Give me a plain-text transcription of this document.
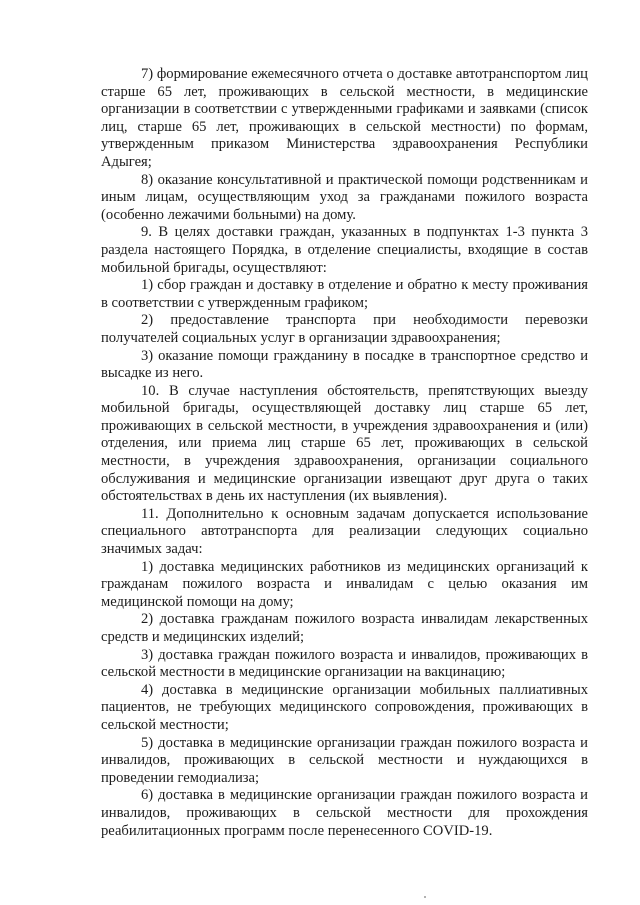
7) формирование ежемесячного отчета о доставке автотранспортом лиц старше 65 лет, проживающих в сельской местности, в медицинские организации в соответствии с утвержденными графиками и заявками (список лиц, старше 65 лет, проживающих в сельской местности) по формам, утвержденным приказом Министерства здравоохранения Республики Адыгея;

8) оказание консультативной и практической помощи родственникам и иным лицам, осуществляющим уход за гражданами пожилого возраста (особенно лежачими больными) на дому.

9. В целях доставки граждан, указанных в подпунктах 1-3 пункта 3 раздела настоящего Порядка, в отделение специалисты, входящие в состав мобильной бригады, осуществляют:

1) сбор граждан и доставку в отделение и обратно к месту проживания в соответствии с утвержденным графиком;

2) предоставление транспорта при необходимости перевозки получателей социальных услуг в организации здравоохранения;

3) оказание помощи гражданину в посадке в транспортное средство и высадке из него.

10. В случае наступления обстоятельств, препятствующих выезду мобильной бригады, осуществляющей доставку лиц старше 65 лет, проживающих в сельской местности, в учреждения здравоохранения и (или) отделения, или приема лиц старше 65 лет, проживающих в сельской местности, в учреждения здравоохранения, организации социального обслуживания и медицинские организации извещают друг друга о таких обстоятельствах в день их наступления (их выявления).

11. Дополнительно к основным задачам допускается использование специального автотранспорта для реализации следующих социально значимых задач:

1) доставка медицинских работников из медицинских организаций к гражданам пожилого возраста и инвалидам с целью оказания им медицинской помощи на дому;

2) доставка гражданам пожилого возраста инвалидам лекарственных средств и медицинских изделий;

3) доставка граждан пожилого возраста и инвалидов, проживающих в сельской местности в медицинские организации на вакцинацию;

4) доставка в медицинские организации мобильных паллиативных пациентов, не требующих медицинского сопровождения, проживающих в сельской местности;

5) доставка в медицинские организации граждан пожилого возраста и инвалидов, проживающих в сельской местности и нуждающихся в проведении гемодиализа;

6) доставка в медицинские организации граждан пожилого возраста и инвалидов, проживающих в сельской местности для прохождения реабилитационных программ после перенесенного COVID-19.
